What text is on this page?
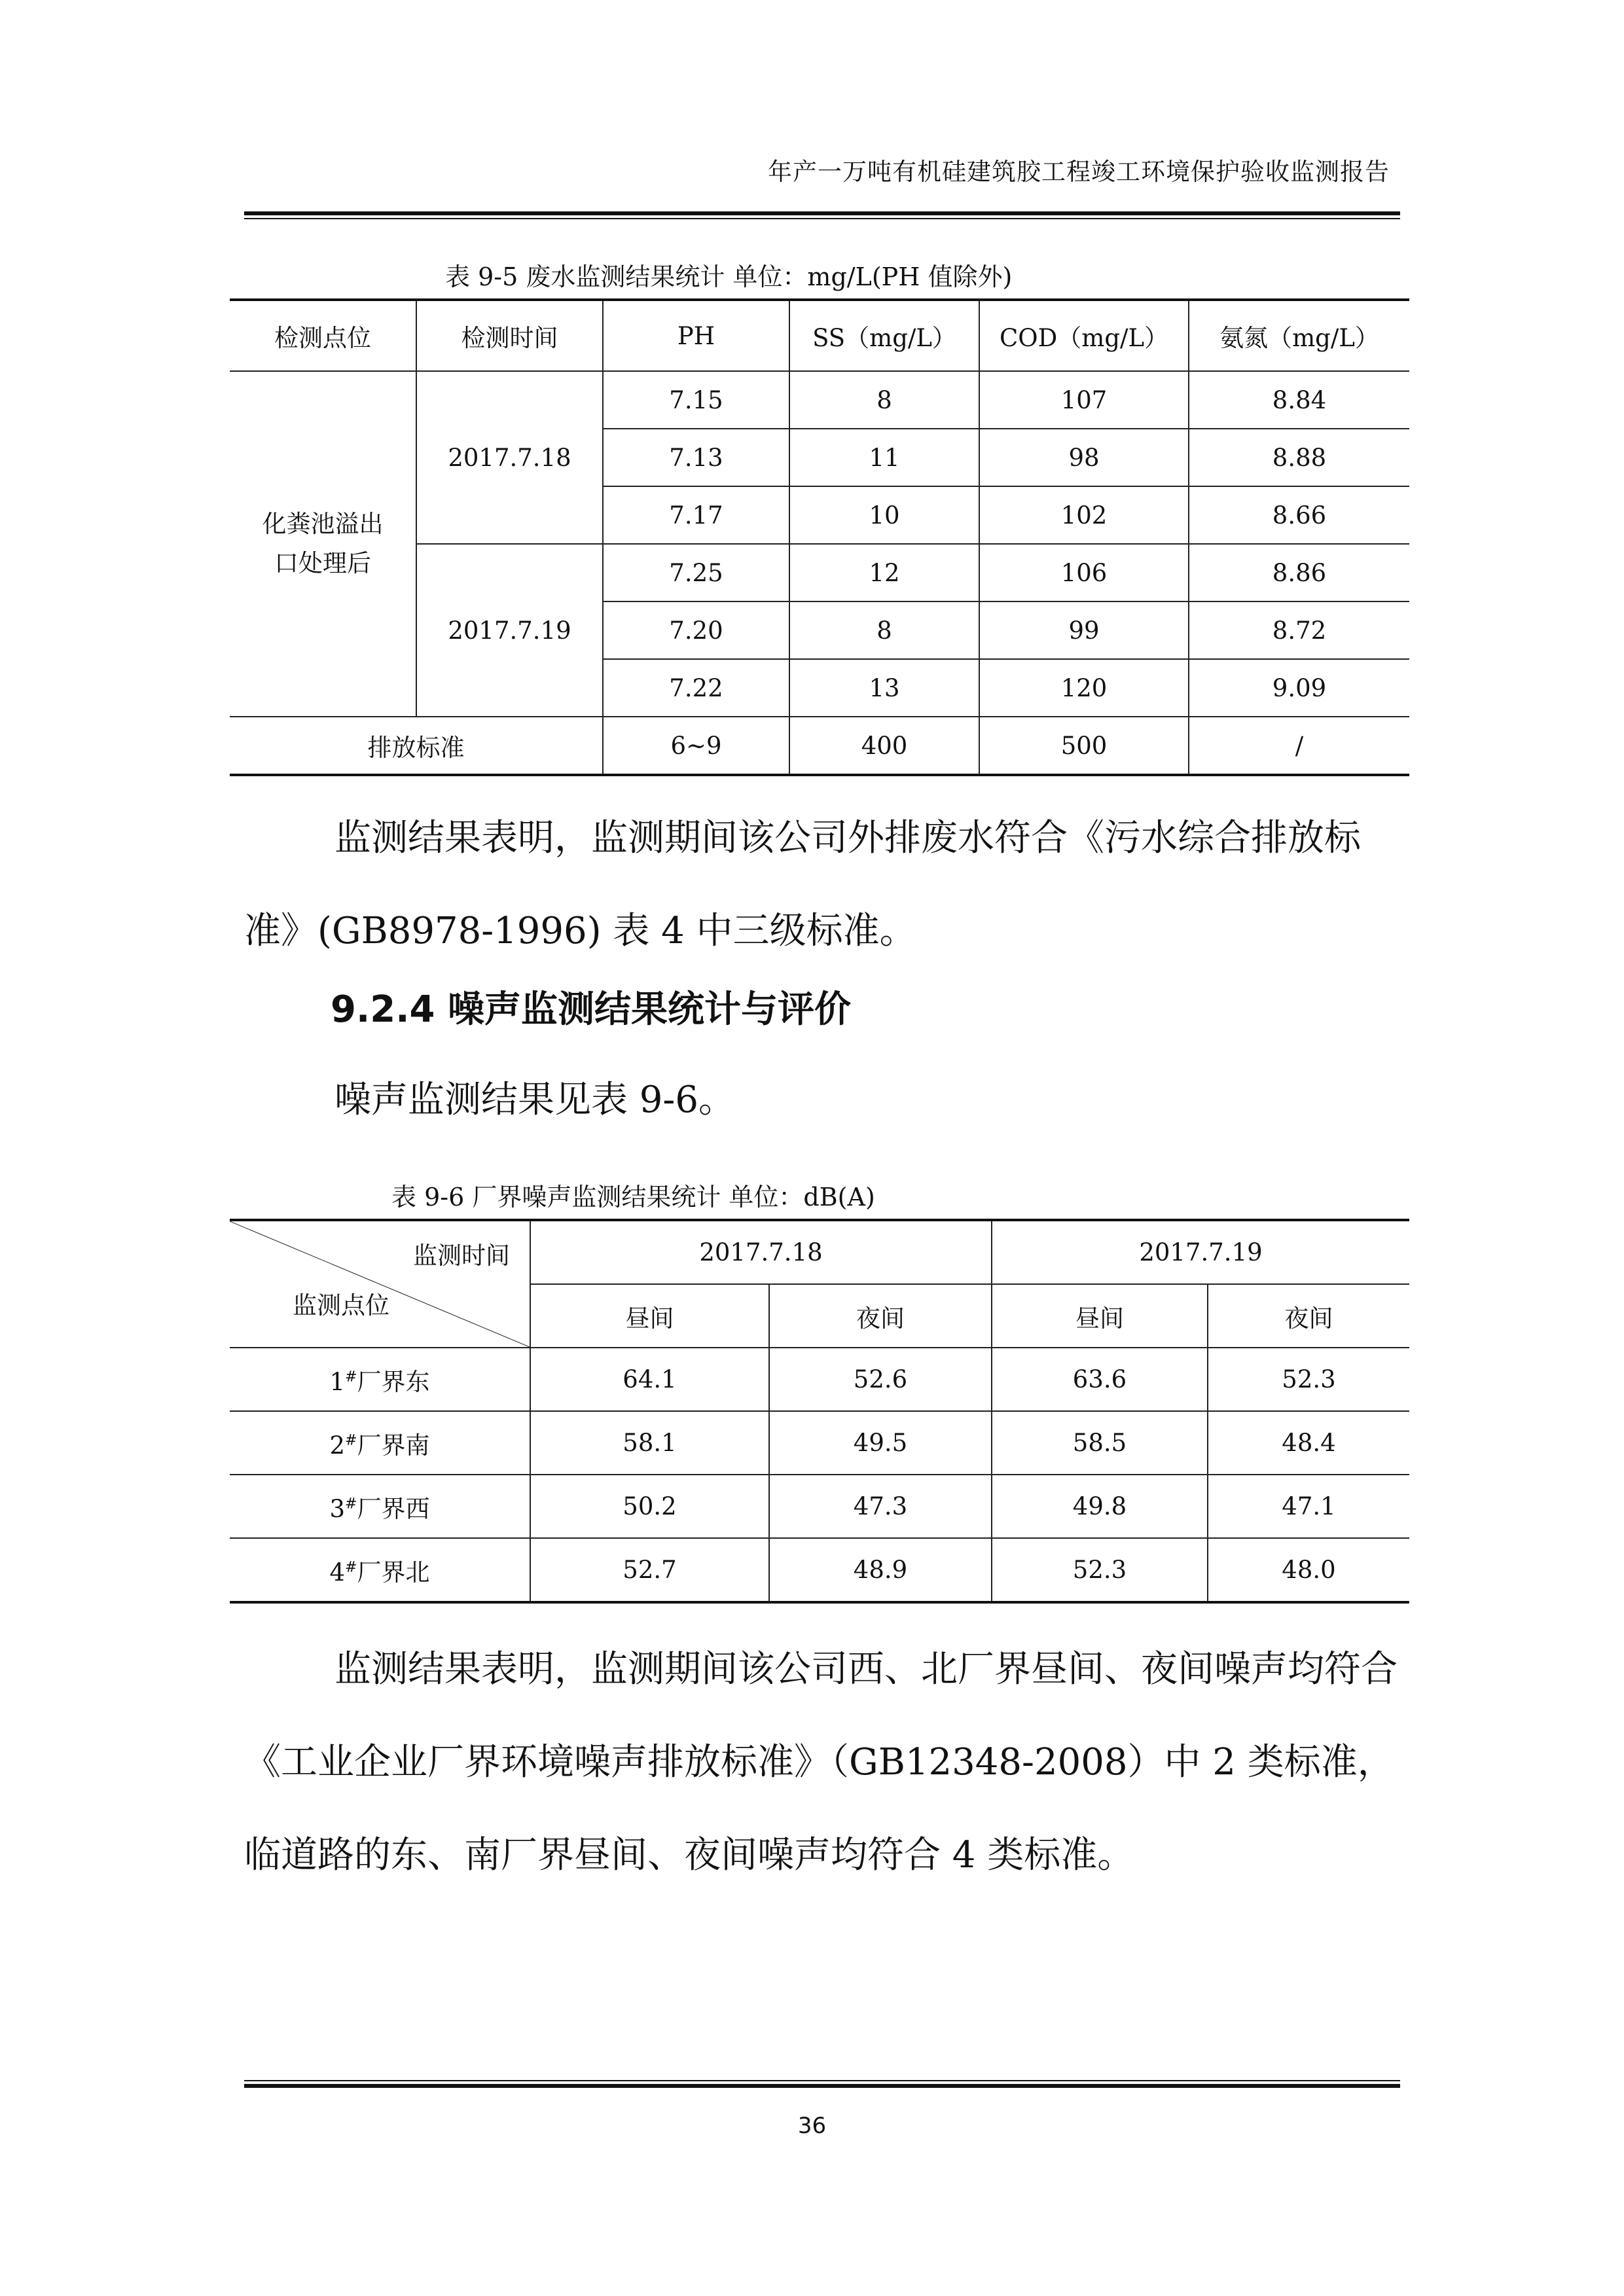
年产一万吨有机硅建筑胶工程竣工环境保护验收监测报告
表 9-5 废水监测结果统计 单位：mg/L(PH 值除外)
检测点位	检测时间	PH	SS（mg/L）	COD（mg/L）	氨氮（mg/L）

化粪池溢出口处理后	2017.7.18	7.15	8	107	8.84
		7.13	11	98	8.88
		7.17	10	102	8.66
	2017.7.19	7.25	12	106	8.86
		7.20	8	99	8.72
		7.22	13	120	9.09
排放标准		6~9	400	500	/
监测结果表明，监测期间该公司外排废水符合《污水综合排放标准》(GB8978-1996) 表 4 中三级标准。
9.2.4 噪声监测结果统计与评价
噪声监测结果见表 9-6。
表 9-6 厂界噪声监测结果统计 单位：dB(A)
监测时间
监测点位	2017.7.18		2017.7.19	
	昼间	夜间	昼间	夜间
1#厂界东	64.1	52.6	63.6	52.3
2#厂界南	58.1	49.5	58.5	48.4
3#厂界西	50.2	47.3	49.8	47.1
4#厂界北	52.7	48.9	52.3	48.0
监测结果表明，监测期间该公司西、北厂界昼间、夜间噪声均符合《工业企业厂界环境噪声排放标准》（GB12348-2008）中 2 类标准，临道路的东、南厂界昼间、夜间噪声均符合 4 类标准。
36
